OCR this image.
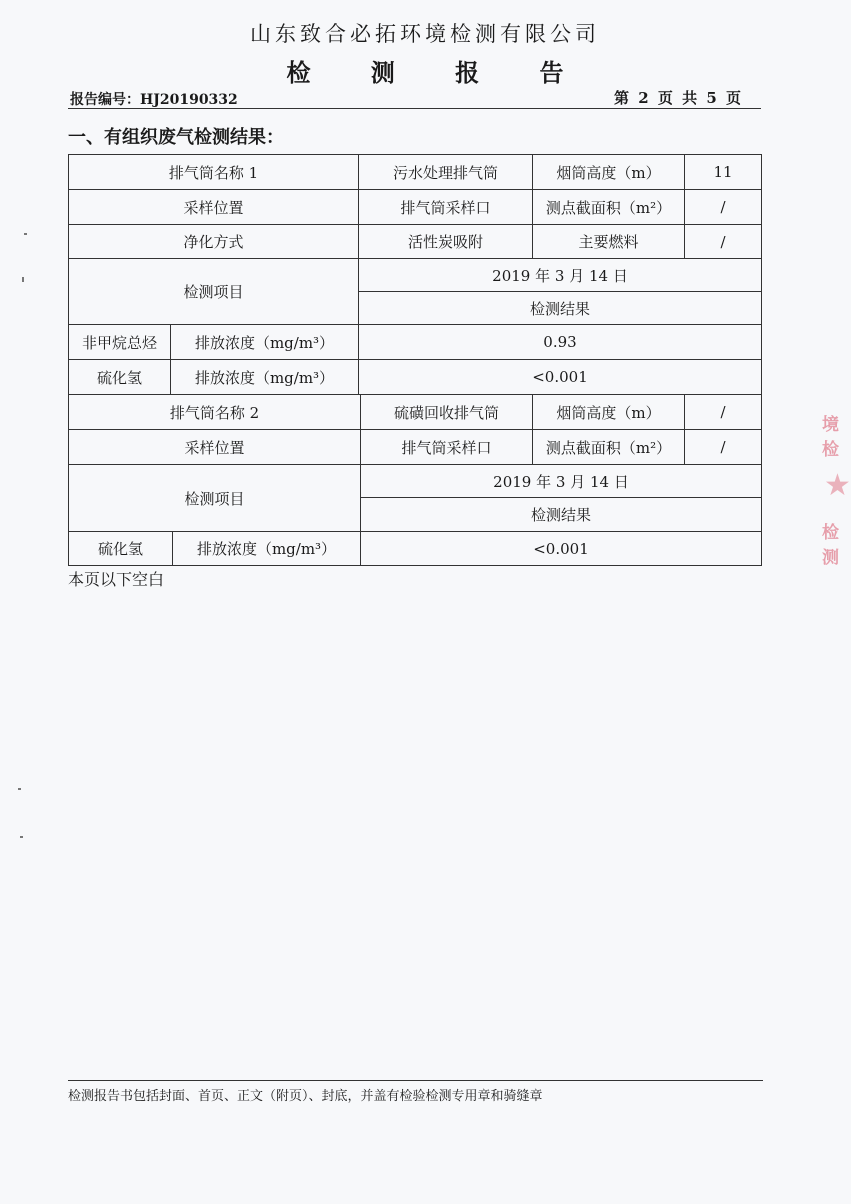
山东致合必拓环境检测有限公司
检 测 报 告
报告编号：HJ20190332	第 2 页 共 5 页
一、有组织废气检测结果：
排气筒名称 1		污水处理排气筒	烟筒高度（m）	11
采样位置		排气筒采样口	测点截面积（m²）	/
净化方式		活性炭吸附	主要燃料	/
检测项目		2019 年 3 月 14 日		
		检测结果		
非甲烷总烃	排放浓度（mg/m³）	0.93		
硫化氢	排放浓度（mg/m³）	<0.001		
排气筒名称 2		硫磺回收排气筒	烟筒高度（m）	/
采样位置		排气筒采样口	测点截面积（m²）	/
检测项目		2019 年 3 月 14 日		
		检测结果		
硫化氢	排放浓度（mg/m³）	<0.001		
本页以下空白
检测报告书包括封面、首页、正文（附页）、封底，并盖有检验检测专用章和骑缝章
境检
★
检测
